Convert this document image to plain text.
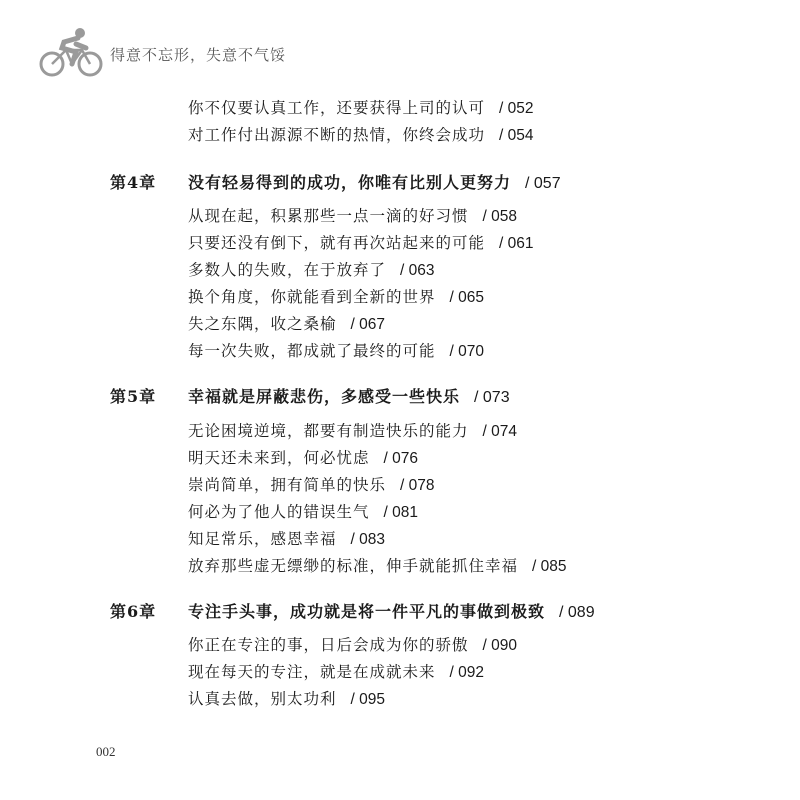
得意不忘形，失意不气馁
你不仅要认真工作，还要获得上司的认可 / 052
对工作付出源源不断的热情，你终会成功 / 054
第4章 没有轻易得到的成功，你唯有比别人更努力 / 057
从现在起，积累那些一点一滴的好习惯 / 058
只要还没有倒下，就有再次站起来的可能 / 061
多数人的失败，在于放弃了 / 063
换个角度，你就能看到全新的世界 / 065
失之东隅，收之桑榆 / 067
每一次失败，都成就了最终的可能 / 070
第5章 幸福就是屏蔽悲伤，多感受一些快乐 / 073
无论困境逆境，都要有制造快乐的能力 / 074
明天还未来到，何必忧虑 / 076
崇尚简单，拥有简单的快乐 / 078
何必为了他人的错误生气 / 081
知足常乐，感恩幸福 / 083
放弃那些虚无缥缈的标准，伸手就能抓住幸福 / 085
第6章 专注手头事，成功就是将一件平凡的事做到极致 / 089
你正在专注的事，日后会成为你的骄傲 / 090
现在每天的专注，就是在成就未来 / 092
认真去做，别太功利 / 095
002
